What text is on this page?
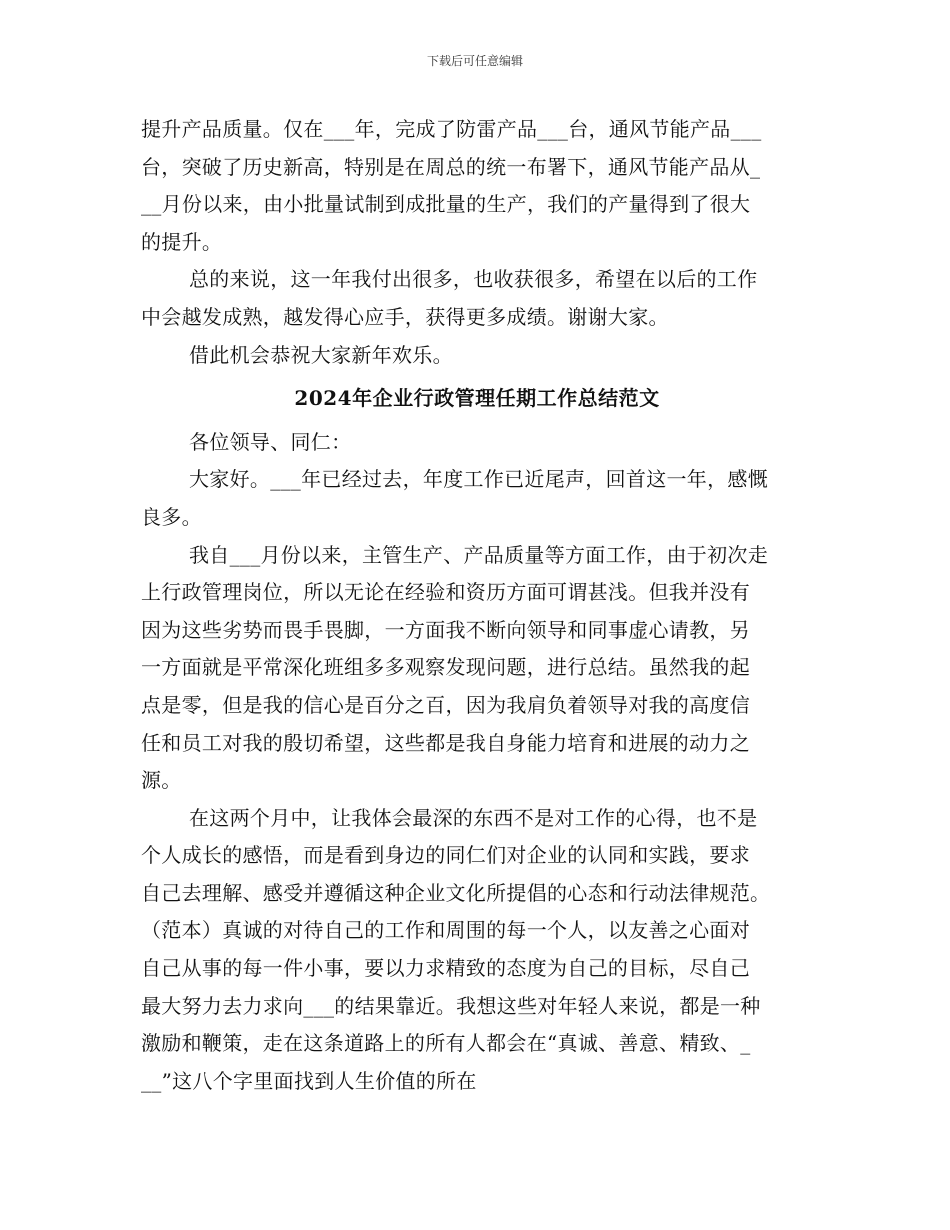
下载后可任意编辑
提升产品质量。仅在___年，完成了防雷产品___台，通风节能产品___
台，突破了历史新高，特别是在周总的统一布署下，通风节能产品从_
__月份以来，由小批量试制到成批量的生产，我们的产量得到了很大
的提升。
总的来说，这一年我付出很多，也收获很多，希望在以后的工作
中会越发成熟，越发得心应手，获得更多成绩。谢谢大家。
借此机会恭祝大家新年欢乐。
2024年企业行政管理任期工作总结范文
各位领导、同仁：
大家好。___年已经过去，年度工作已近尾声，回首这一年，感慨
良多。
我自___月份以来，主管生产、产品质量等方面工作，由于初次走
上行政管理岗位，所以无论在经验和资历方面可谓甚浅。但我并没有
因为这些劣势而畏手畏脚，一方面我不断向领导和同事虚心请教，另
一方面就是平常深化班组多多观察发现问题，进行总结。虽然我的起
点是零，但是我的信心是百分之百，因为我肩负着领导对我的高度信
任和员工对我的殷切希望，这些都是我自身能力培育和进展的动力之
源。
在这两个月中，让我体会最深的东西不是对工作的心得，也不是
个人成长的感悟，而是看到身边的同仁们对企业的认同和实践，要求
自己去理解、感受并遵循这种企业文化所提倡的心态和行动法律规范。
（范本）真诚的对待自己的工作和周围的每一个人，以友善之心面对
自己从事的每一件小事，要以力求精致的态度为自己的目标，尽自己
最大努力去力求向___的结果靠近。我想这些对年轻人来说，都是一种
激励和鞭策，走在这条道路上的所有人都会在“真诚、善意、精致、_
__”这八个字里面找到人生价值的所在
